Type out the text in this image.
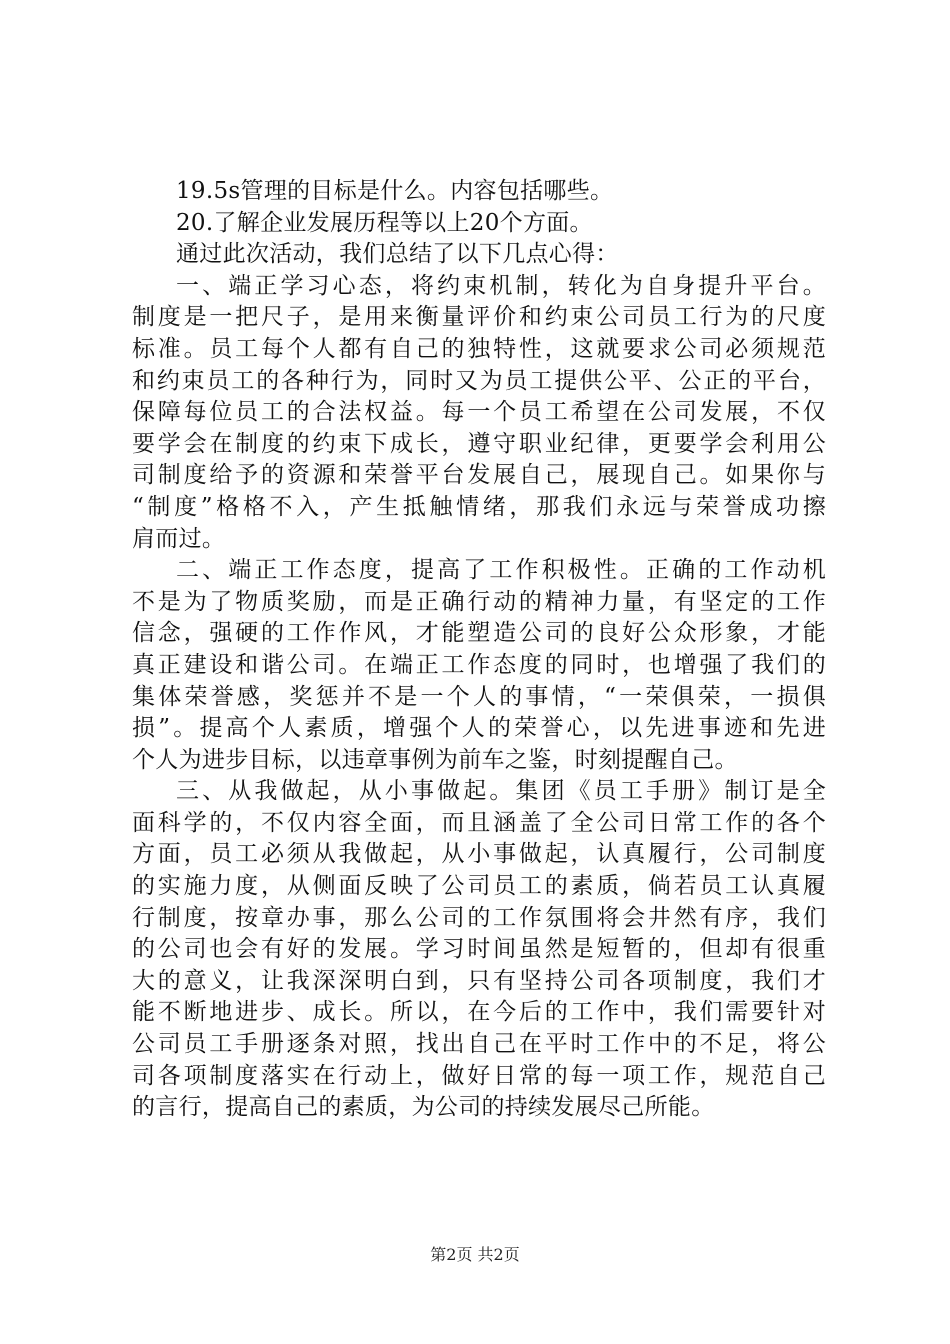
19.5s管理的目标是什么。内容包括哪些。
20.了解企业发展历程等以上20个方面。
通过此次活动，我们总结了以下几点心得：
一、端正学习心态，将约束机制，转化为自身提升平台。
制度是一把尺子，是用来衡量评价和约束公司员工行为的尺度
标准。员工每个人都有自己的独特性，这就要求公司必须规范
和约束员工的各种行为，同时又为员工提供公平、公正的平台，
保障每位员工的合法权益。每一个员工希望在公司发展，不仅
要学会在制度的约束下成长，遵守职业纪律，更要学会利用公
司制度给予的资源和荣誉平台发展自己，展现自己。如果你与
“制度”格格不入，产生抵触情绪，那我们永远与荣誉成功擦
肩而过。
二、端正工作态度，提高了工作积极性。正确的工作动机
不是为了物质奖励，而是正确行动的精神力量，有坚定的工作
信念，强硬的工作作风，才能塑造公司的良好公众形象，才能
真正建设和谐公司。在端正工作态度的同时，也增强了我们的
集体荣誉感，奖惩并不是一个人的事情，“一荣俱荣，一损俱
损”。提高个人素质，增强个人的荣誉心，以先进事迹和先进
个人为进步目标，以违章事例为前车之鉴，时刻提醒自己。
三、从我做起，从小事做起。集团《员工手册》制订是全
面科学的，不仅内容全面，而且涵盖了全公司日常工作的各个
方面，员工必须从我做起，从小事做起，认真履行，公司制度
的实施力度，从侧面反映了公司员工的素质，倘若员工认真履
行制度，按章办事，那么公司的工作氛围将会井然有序，我们
的公司也会有好的发展。学习时间虽然是短暂的，但却有很重
大的意义，让我深深明白到，只有坚持公司各项制度，我们才
能不断地进步、成长。所以，在今后的工作中，我们需要针对
公司员工手册逐条对照，找出自己在平时工作中的不足，将公
司各项制度落实在行动上，做好日常的每一项工作，规范自己
的言行，提高自己的素质，为公司的持续发展尽己所能。
第2页 共2页
